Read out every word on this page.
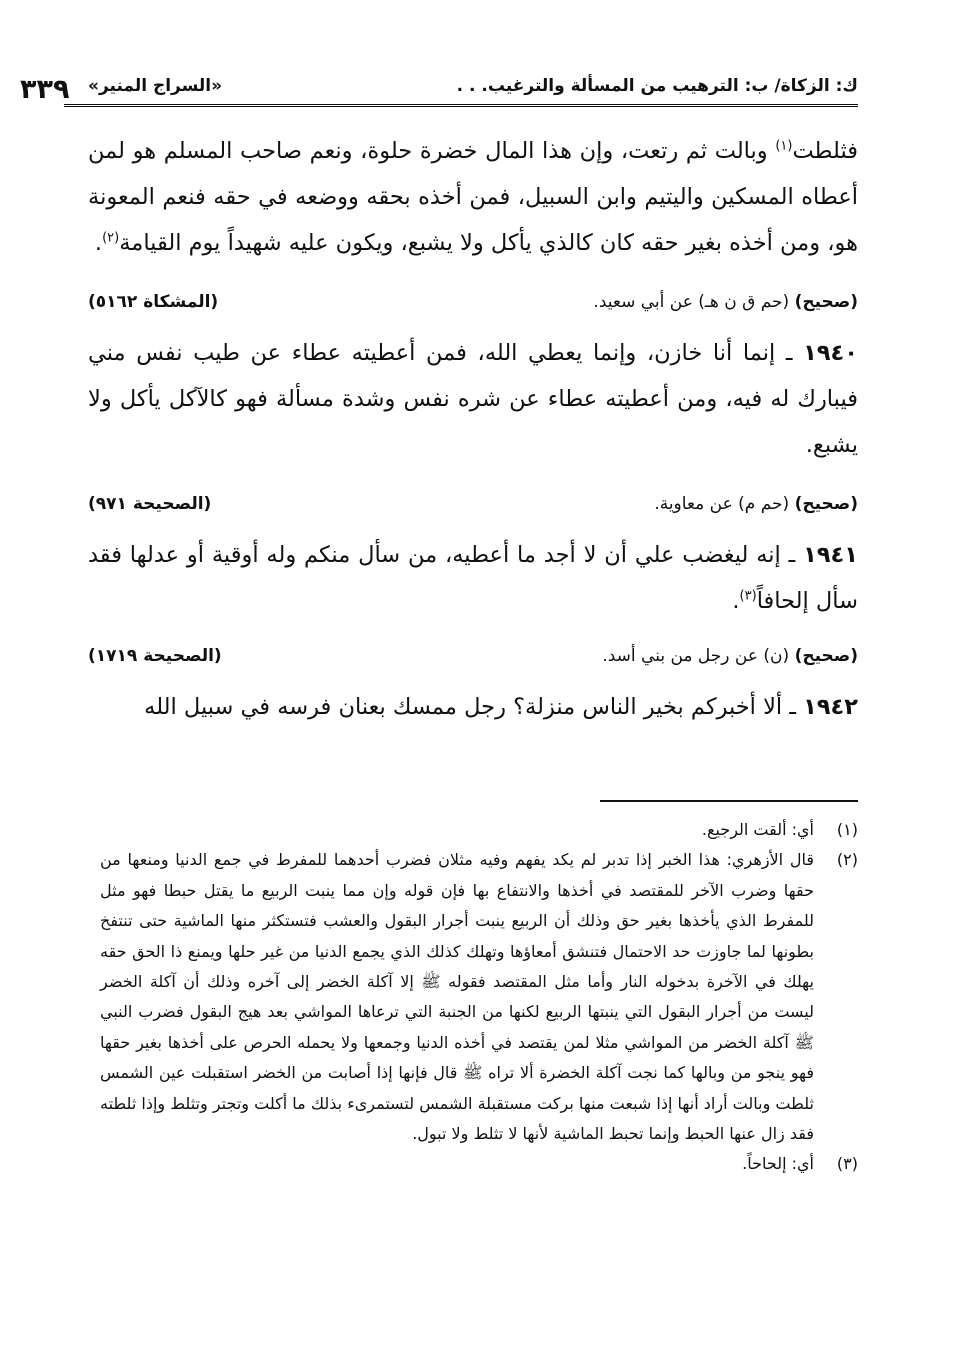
٣٣٩ «السراج المنير»	ك: الزكاة/ ب: الترهيب من المسألة والترغيب. . .

فثلطت$^{(١)}$ وبالت ثم رتعت، وإن هذا المال خضرة حلوة، ونعم صاحب المسلم هو لمن أعطاه المسكين واليتيم وابن السبيل، فمن أخذه بحقه ووضعه في حقه فنعم المعونة هو، ومن أخذه بغير حقه كان كالذي يأكل ولا يشبع، ويكون عليه شهيداً يوم القيامة$^{(٢)}$.

(صحيح) (حم ق ن هـ) عن أبي سعيد.
(المشكاة ٥١٦٢)

١٩٤٠ ـ إنما أنا خازن، وإنما يعطي الله، فمن أعطيته عطاء عن طيب نفس مني فيبارك له فيه، ومن أعطيته عطاء عن شره نفس وشدة مسألة فهو كالآكل يأكل ولا يشبع.

(صحيح) (حم م) عن معاوية.
(الصحيحة ٩٧١)

١٩٤١ ـ إنه ليغضب علي أن لا أجد ما أعطيه، من سأل منكم وله أوقية أو عدلها فقد سأل إلحافاً$^{(٣)}$.

(صحيح) (ن) عن رجل من بني أسد.
(الصحيحة ١٧١٩)

١٩٤٢ ـ ألا أخبركم بخير الناس منزلة؟ رجل ممسك بعنان فرسه في سبيل الله

(١)
أي: ألقت الرجيع.
(٢)
قال الأزهري: هذا الخبر إذا تدبر لم يكد يفهم وفيه مثلان فضرب أحدهما للمفرط في جمع الدنيا ومنعها من حقها وضرب الآخر للمقتصد في أخذها والانتفاع بها فإن قوله وإن مما ينبت الربيع ما يقتل حبطا فهو مثل للمفرط الذي يأخذها بغير حق وذلك أن الربيع ينبت أجرار البقول والعشب فتستكثر منها الماشية حتى تنتفخ بطونها لما جاوزت حد الاحتمال فتنشق أمعاؤها وتهلك كذلك الذي يجمع الدنيا من غير حلها ويمنع ذا الحق حقه يهلك في الآخرة بدخوله النار وأما مثل المقتصد فقوله ﷺ إلا آكلة الخضر إلى آخره وذلك أن آكلة الخضر ليست من أجرار البقول التي ينبتها الربيع لكنها من الجنبة التي ترعاها المواشي بعد هيج البقول فضرب النبي ﷺ آكلة الخضر من المواشي مثلا لمن يقتصد في أخذه الدنيا وجمعها ولا يحمله الحرص على أخذها بغير حقها فهو ينجو من وبالها كما نجت آكلة الخضرة ألا تراه ﷺ قال فإنها إذا أصابت من الخضر استقبلت عين الشمس ثلطت وبالت أراد أنها إذا شبعت منها بركت مستقبلة الشمس لتستمرىء بذلك ما أكلت وتجتر وتثلط وإذا ثلطته فقد زال عنها الحبط وإنما تحبط الماشية لأنها لا تثلط ولا تبول.
(٣)
أي: إلحاحاً.
